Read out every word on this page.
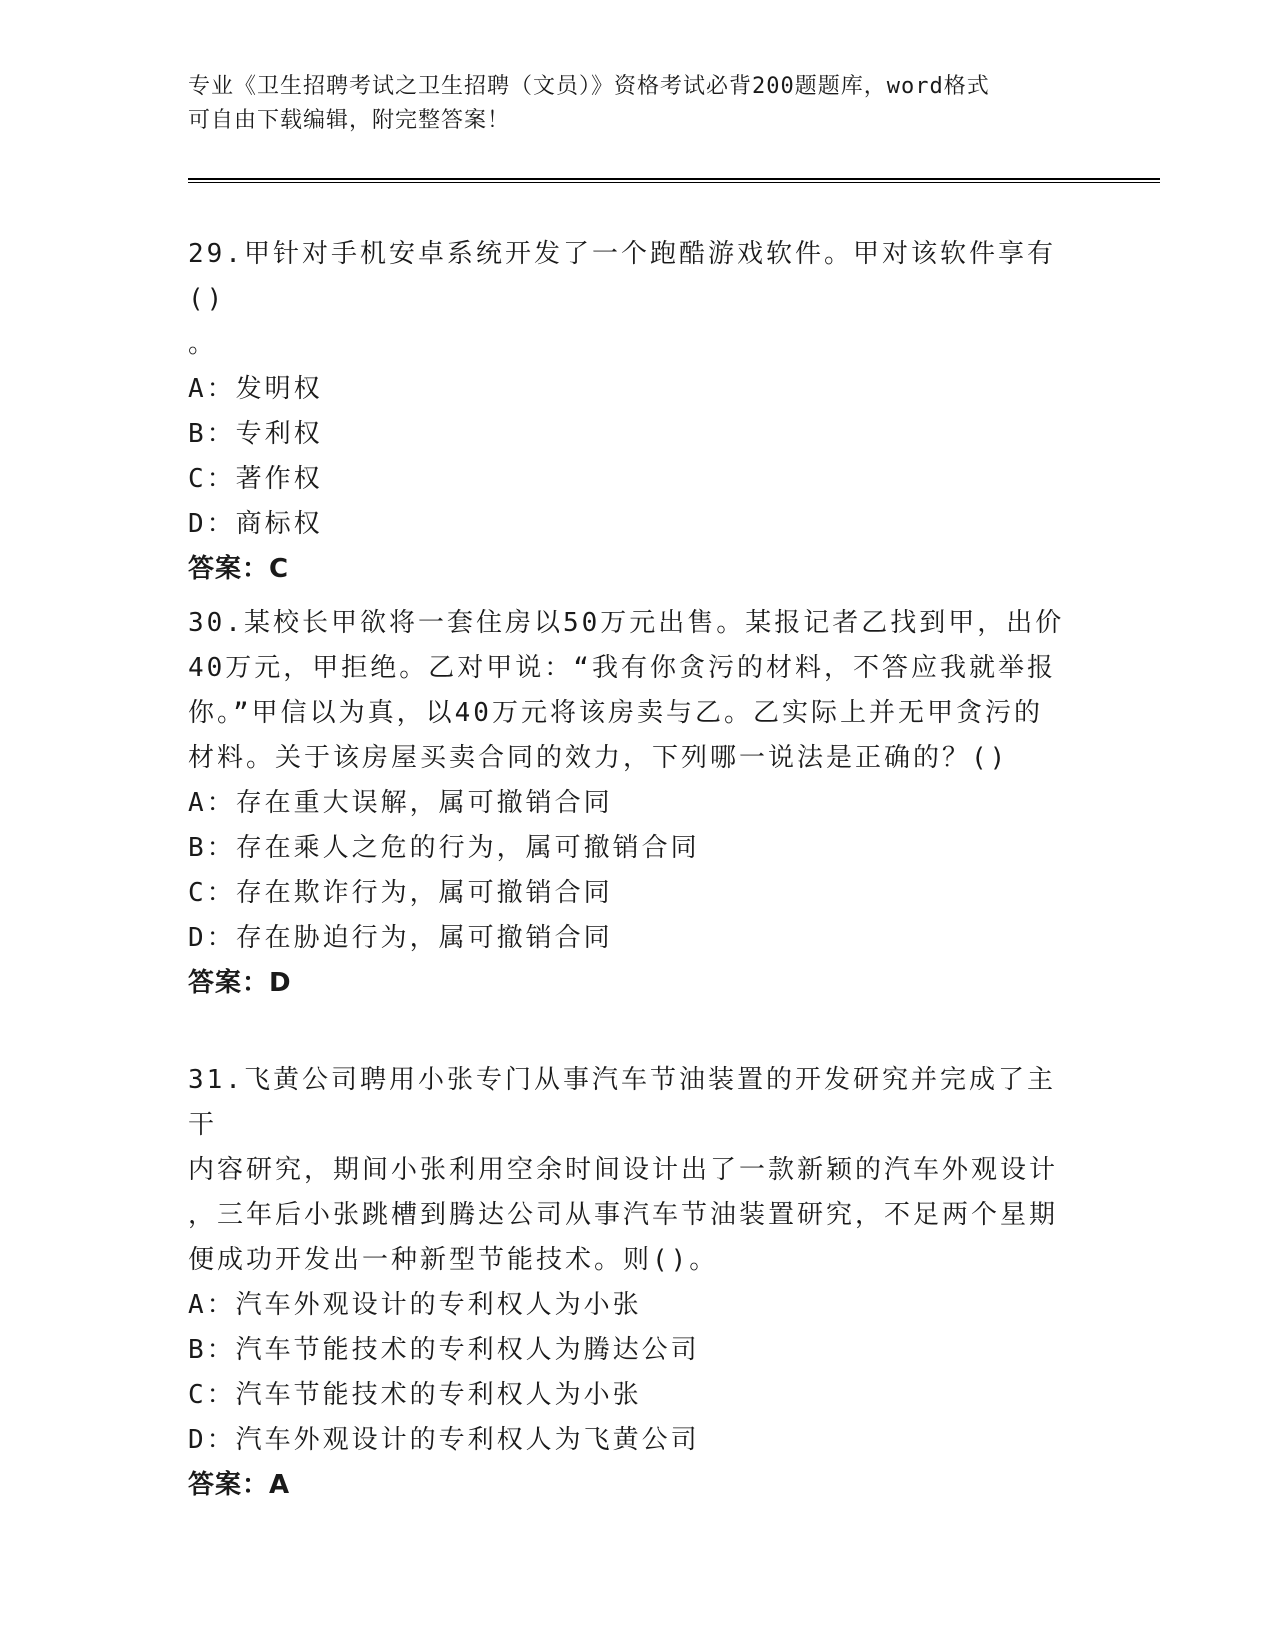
专业《卫生招聘考试之卫生招聘（文员）》资格考试必背200题题库，word格式
可自由下载编辑，附完整答案！
29.甲针对手机安卓系统开发了一个跑酷游戏软件。甲对该软件享有()
。
A：发明权
B：专利权
C：著作权
D：商标权
答案：C
30.某校长甲欲将一套住房以50万元出售。某报记者乙找到甲，出价
40万元，甲拒绝。乙对甲说：“我有你贪污的材料，不答应我就举报
你。”甲信以为真，以40万元将该房卖与乙。乙实际上并无甲贪污的
材料。关于该房屋买卖合同的效力，下列哪一说法是正确的？()
A：存在重大误解，属可撤销合同
B：存在乘人之危的行为，属可撤销合同
C：存在欺诈行为，属可撤销合同
D：存在胁迫行为，属可撤销合同
答案：D
31.飞黄公司聘用小张专门从事汽车节油装置的开发研究并完成了主干
内容研究，期间小张利用空余时间设计出了一款新颖的汽车外观设计
，三年后小张跳槽到腾达公司从事汽车节油装置研究，不足两个星期
便成功开发出一种新型节能技术。则()。
A：汽车外观设计的专利权人为小张
B：汽车节能技术的专利权人为腾达公司
C：汽车节能技术的专利权人为小张
D：汽车外观设计的专利权人为飞黄公司
答案：A
